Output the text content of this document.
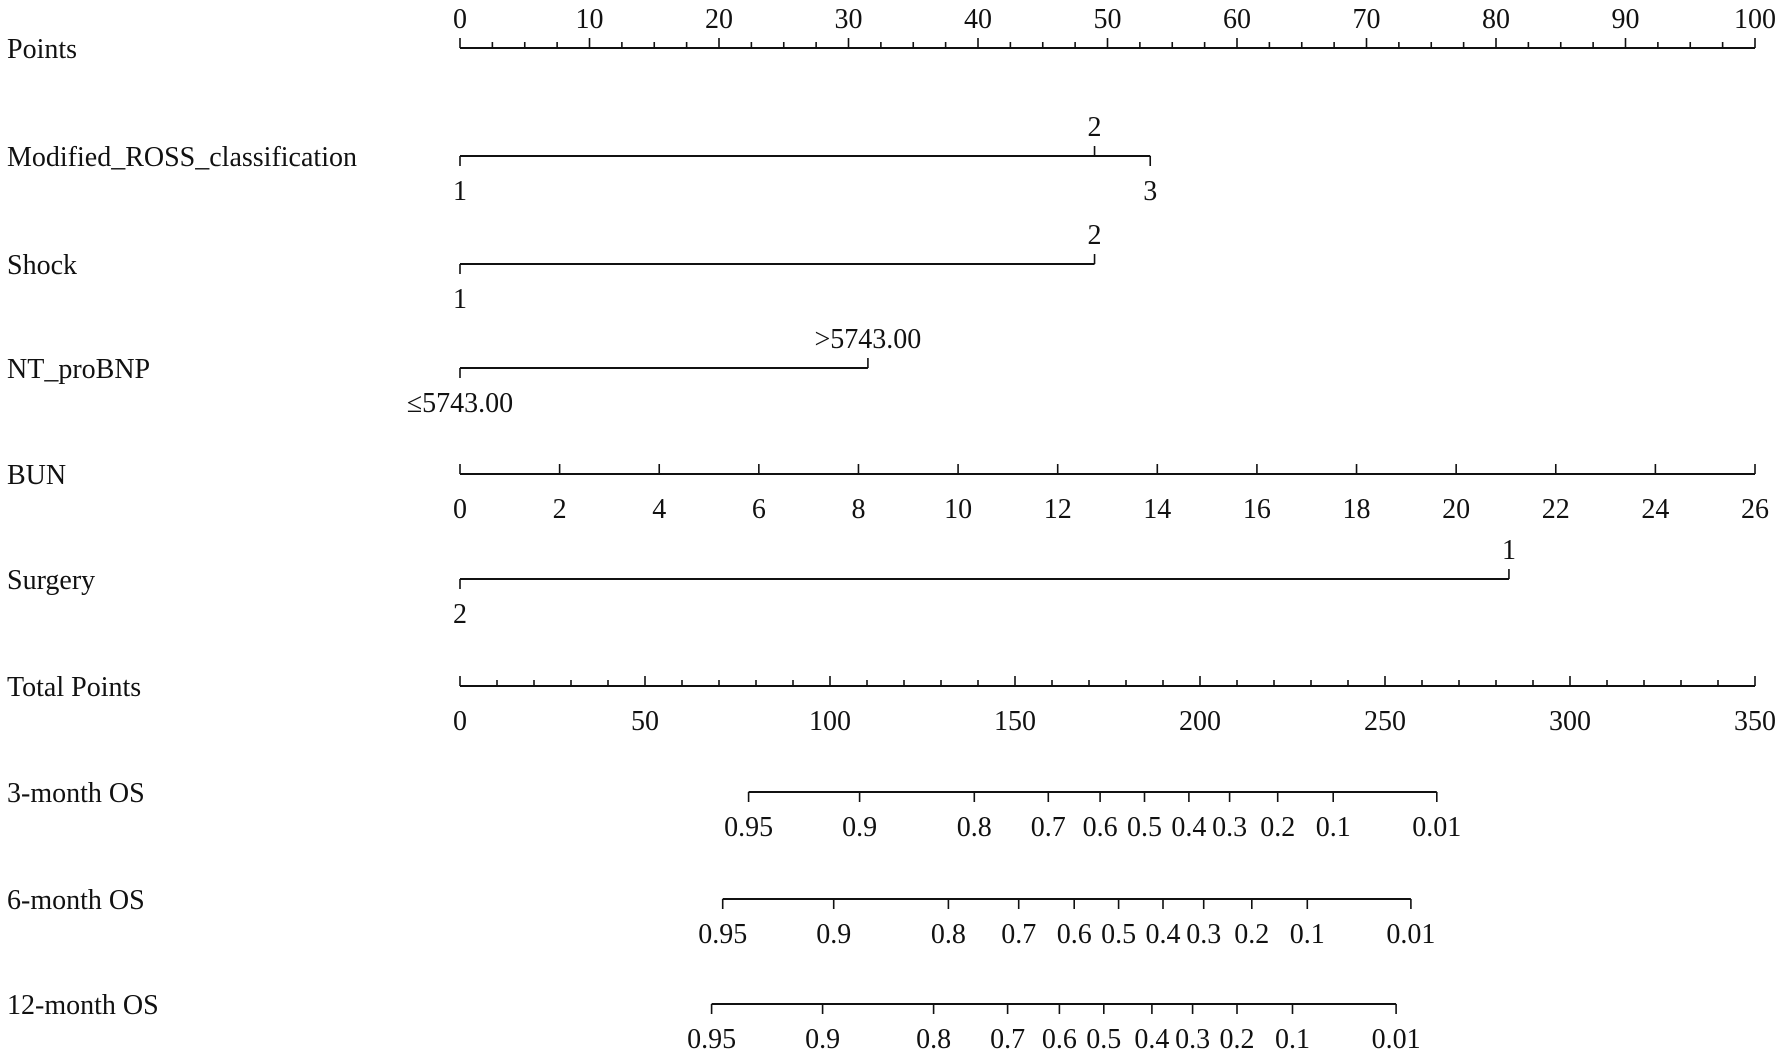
Points
0	10	20	30	40	50	60	70	80	90	100
Modified_ROSS_classification
1
2
3
Shock
1
2
NT_proBNP
≤5743.00
>5743.00
BUN
0	2	4	6	8	10	12	14	16	18	20	22	24	26
Surgery
2
1
Total Points
0	50	100	150	200	250	300	350
3-month OS
0.95 0.9	0.8 0.7 0.6 0.5 0.4 0.3 0.2 0.1 0.01
6-month OS
0.95 0.9	0.8 0.7 0.6 0.5 0.4 0.3 0.2 0.1 0.01
12-month OS
0.95 0.9	0.8 0.7 0.6 0.5 0.4 0.3 0.2 0.1 0.01
